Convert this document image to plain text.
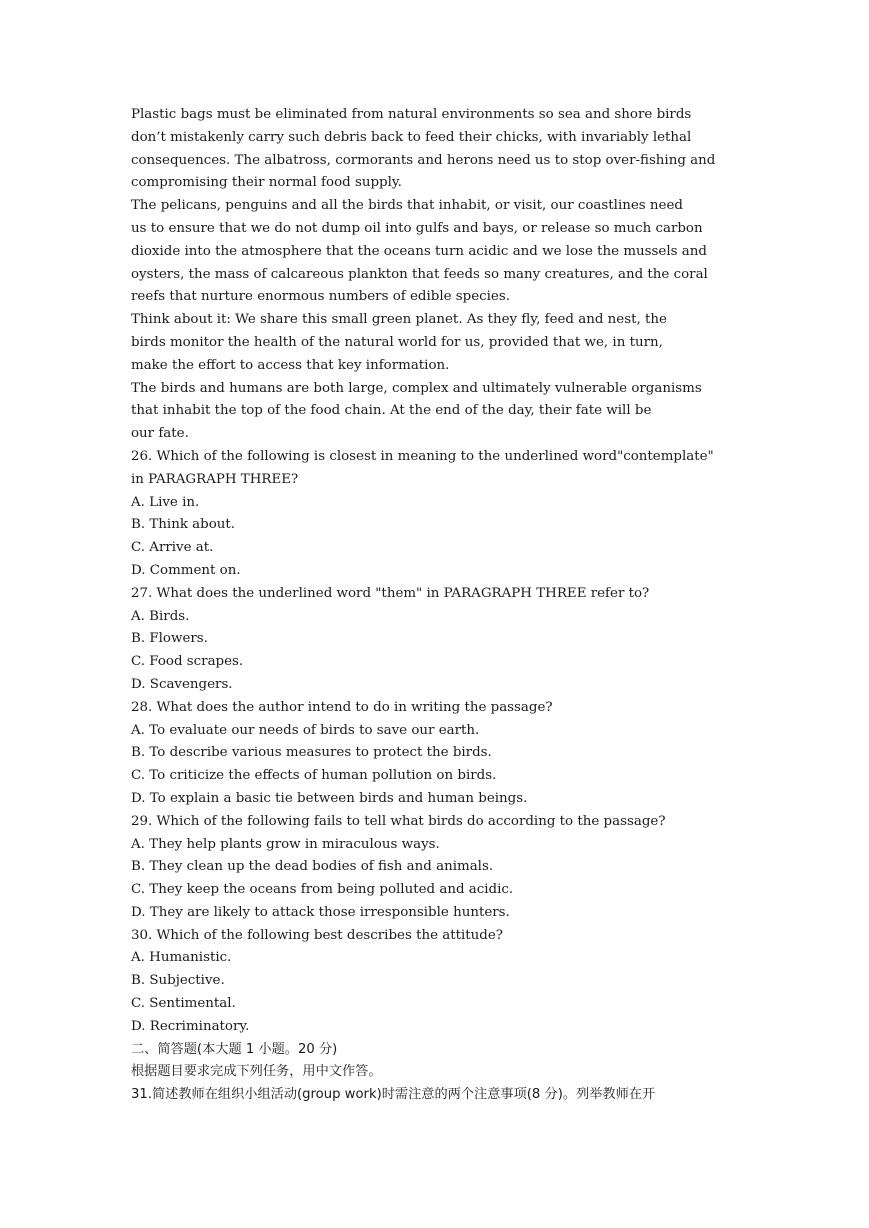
Plastic bags must be eliminated from natural environments so sea and shore birds
don’t mistakenly carry such debris back to feed their chicks, with invariably lethal
consequences. The albatross, cormorants and herons need us to stop over-fishing and
compromising their normal food supply.
The pelicans, penguins and all the birds that inhabit, or visit, our coastlines need
us to ensure that we do not dump oil into gulfs and bays, or release so much carbon
dioxide into the atmosphere that the oceans turn acidic and we lose the mussels and
oysters, the mass of calcareous plankton that feeds so many creatures, and the coral
reefs that nurture enormous numbers of edible species.
Think about it: We share this small green planet. As they fly, feed and nest, the
birds monitor the health of the natural world for us, provided that we, in turn,
make the effort to access that key information.
The birds and humans are both large, complex and ultimately vulnerable organisms
that inhabit the top of the food chain. At the end of the day, their fate will be
our fate.
26. Which of the following is closest in meaning to the underlined word"contemplate"
in PARAGRAPH THREE?
A. Live in.
B. Think about.
C. Arrive at.
D. Comment on.
27. What does the underlined word "them" in PARAGRAPH THREE refer to?
A. Birds.
B. Flowers.
C. Food scrapes.
D. Scavengers.
28. What does the author intend to do in writing the passage?
A. To evaluate our needs of birds to save our earth.
B. To describe various measures to protect the birds.
C. To criticize the effects of human pollution on birds.
D. To explain a basic tie between birds and human beings.
29. Which of the following fails to tell what birds do according to the passage?
A. They help plants grow in miraculous ways.
B. They clean up the dead bodies of fish and animals.
C. They keep the oceans from being polluted and acidic.
D. They are likely to attack those irresponsible hunters.
30. Which of the following best describes the attitude?
A. Humanistic.
B. Subjective.
C. Sentimental.
D. Recriminatory.
二、简答题(本大题 1 小题。20 分)
根据题目要求完成下列任务，用中文作答。
31.简述教师在组织小组活动(group work)时需注意的两个注意事项(8 分)。列举教师在开
